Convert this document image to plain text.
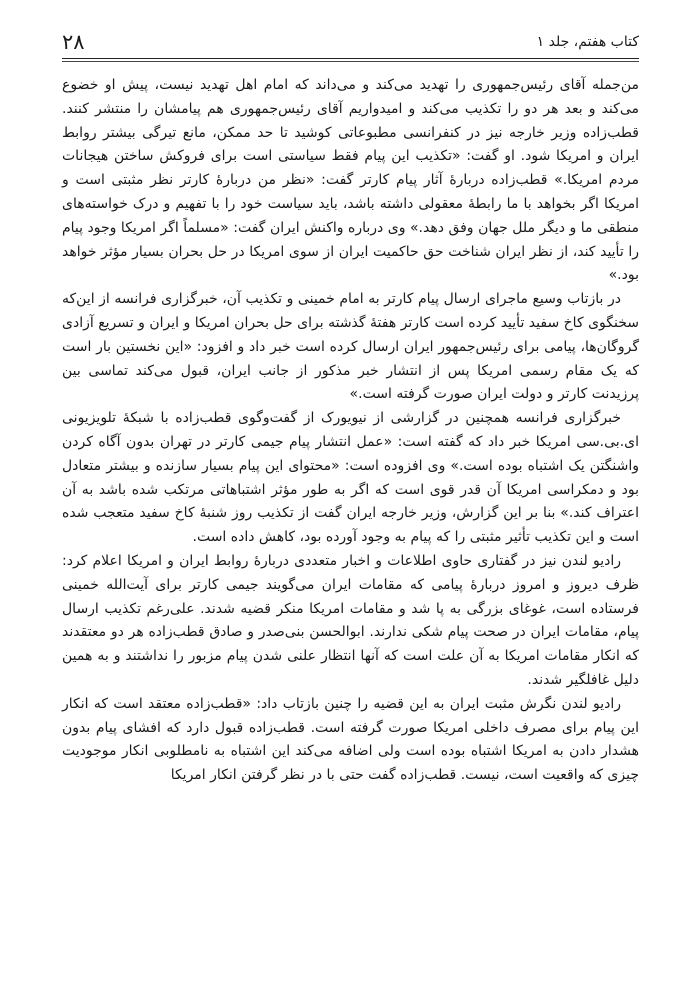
کتاب هفتم، جلد ۱
۲۸

من‌جمله آقای رئیس‌جمهوری را تهدید می‌کند و می‌داند که امام اهل تهدید نیست، پیش او خضوع می‌کند و بعد هر دو را تکذیب می‌کند و امیدواریم آقای رئیس‌جمهوری هم پیامشان را منتشر کنند. قطب‌زاده وزیر خارجه نیز در کنفرانسی مطبوعاتی کوشید تا حد ممکن، مانع تیرگی بیشتر روابط ایران و امریکا شود. او گفت: «تکذیب این پیام فقط سیاستی است برای فروکش ساختن هیجانات مردم امریکا.» قطب‌زاده دربارهٔ آثار پیام کارتر گفت: «نظر من دربارهٔ کارتر نظر مثبتی است و امریکا اگر بخواهد با ما رابطهٔ معقولی داشته باشد، باید سیاست خود را با تفهیم و درک خواسته‌های منطقی ما و دیگر ملل جهان وفق دهد.» وی درباره واکنش ایران گفت: «مسلماً اگر امریکا وجود پیام را تأیید کند، از نظر ایران شناخت حق حاکمیت ایران از سوی امریکا در حل بحران بسیار مؤثر خواهد بود.»

در بازتاب وسیع ماجرای ارسال پیام کارتر به امام خمینی و تکذیب آن، خبرگزاری فرانسه از این‌که سخنگوی کاخ سفید تأیید کرده است کارتر هفتهٔ گذشته برای حل بحران امریکا و ایران و تسریع آزادی گروگان‌ها، پیامی برای رئیس‌جمهور ایران ارسال کرده است خبر داد و افزود: «این نخستین بار است که یک مقام رسمی امریکا پس از انتشار خبر مذکور از جانب ایران، قبول می‌کند تماسی بین پرزیدنت کارتر و دولت ایران صورت گرفته است.»

خبرگزاری فرانسه همچنین در گزارشی از نیویورک از گفت‌وگوی قطب‌زاده با شبکهٔ تلویزیونی ای.بی.سی امریکا خبر داد که گفته است: «عمل انتشار پیام جیمی کارتر در تهران بدون آگاه کردن واشنگتن یک اشتباه بوده است.» وی افزوده است: «محتوای این پیام بسیار سازنده و بیشتر متعادل بود و دمکراسی امریکا آن قدر قوی است که اگر به طور مؤثر اشتباهاتی مرتکب شده باشد به آن اعتراف کند.» بنا بر این گزارش، وزیر خارجه ایران گفت از تکذیب روز شنبهٔ کاخ سفید متعجب شده است و این تکذیب تأثیر مثبتی را که پیام به وجود آورده بود، کاهش داده است.

رادیو لندن نیز در گفتاری حاوی اطلاعات و اخبار متعددی دربارهٔ روابط ایران و امریکا اعلام کرد: ظرف دیروز و امروز دربارهٔ پیامی که مقامات ایران می‌گویند جیمی کارتر برای آیت‌الله خمینی فرستاده است، غوغای بزرگی به پا شد و مقامات امریکا منکر قضیه شدند. علی‌رغم تکذیب ارسال پیام، مقامات ایران در صحت پیام شکی ندارند. ابوالحسن بنی‌صدر و صادق قطب‌زاده هر دو معتقدند که انکار مقامات امریکا به آن علت است که آنها انتظار علنی شدن پیام مزبور را نداشتند و به همین دلیل غافلگیر شدند.

رادیو لندن نگرش مثبت ایران به این قضیه را چنین بازتاب داد: «قطب‌زاده معتقد است که انکار این پیام برای مصرف داخلی امریکا صورت گرفته است. قطب‌زاده قبول دارد که افشای پیام بدون هشدار دادن به امریکا اشتباه بوده است ولی اضافه می‌کند این اشتباه به نامطلوبی انکار موجودیت چیزی که واقعیت است، نیست. قطب‌زاده گفت حتی با در نظر گرفتن انکار امریکا
